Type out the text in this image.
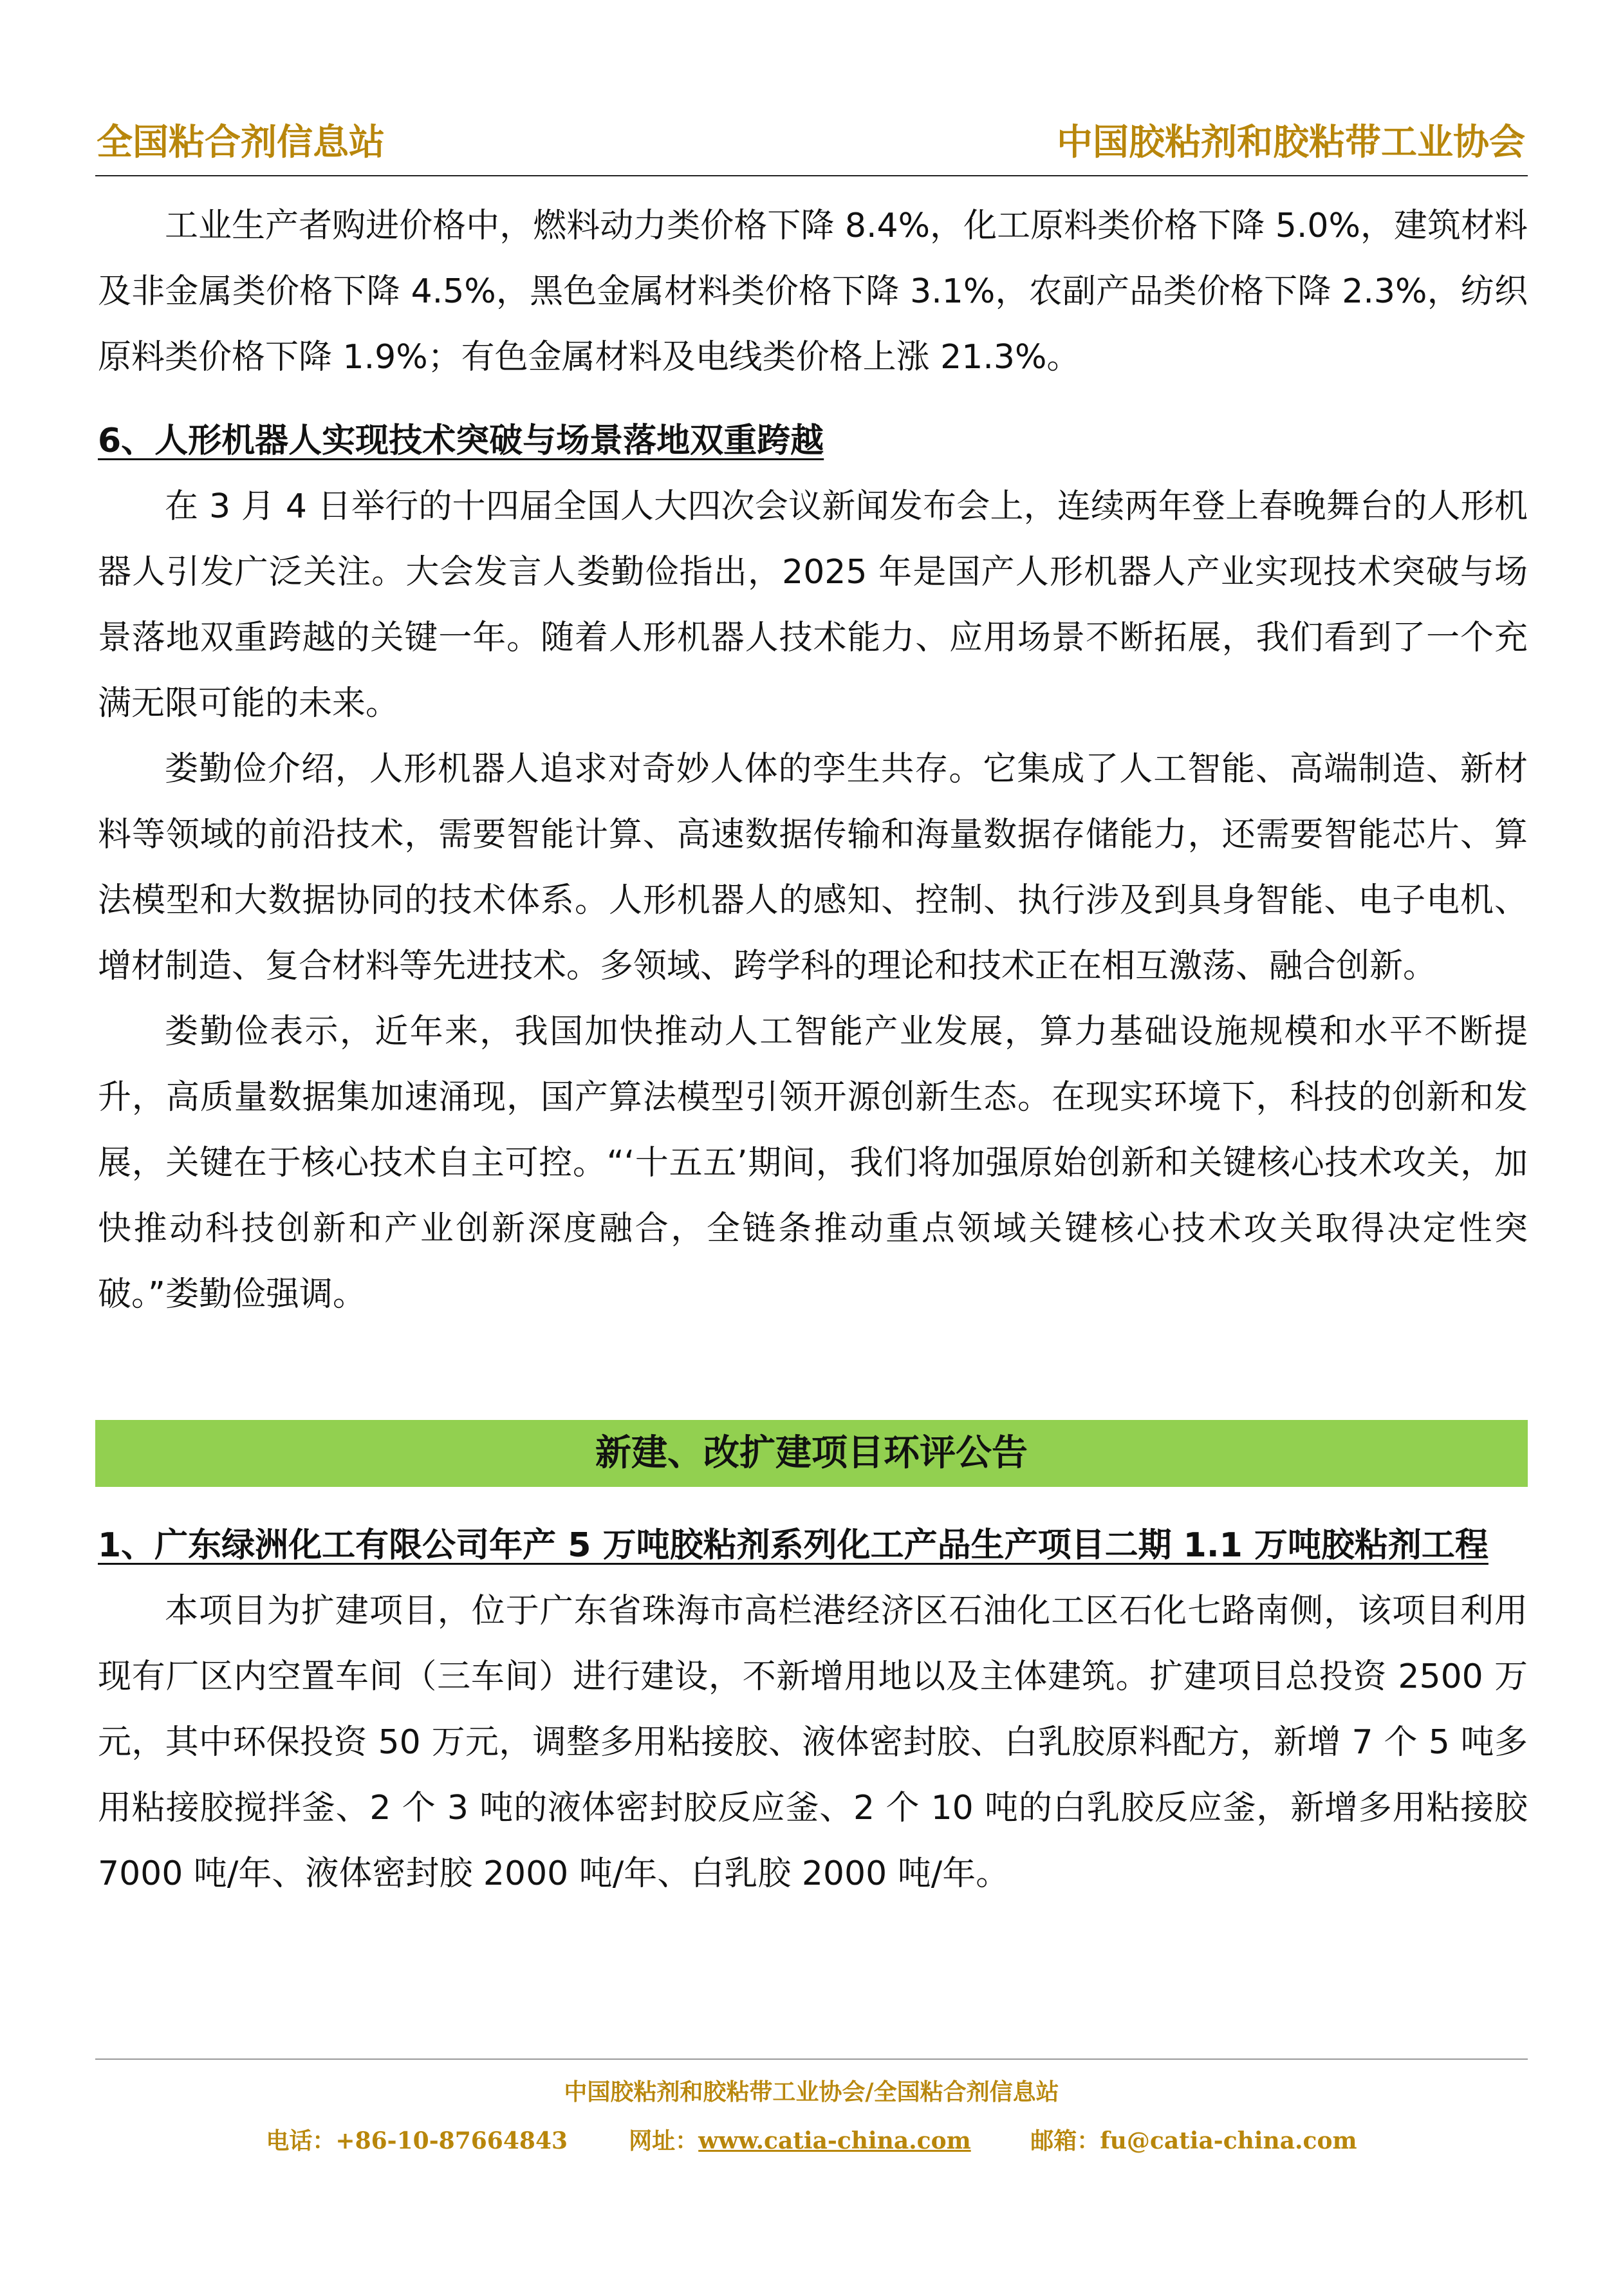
全国粘合剂信息站	中国胶粘剂和胶粘带工业协会

工业生产者购进价格中，燃料动力类价格下降 8.4%，化工原料类价格下降 5.0%，建筑材料及非金属类价格下降 4.5%，黑色金属材料类价格下降 3.1%，农副产品类价格下降 2.3%，纺织原料类价格下降 1.9%；有色金属材料及电线类价格上涨 21.3%。

6、人形机器人实现技术突破与场景落地双重跨越

在 3 月 4 日举行的十四届全国人大四次会议新闻发布会上，连续两年登上春晚舞台的人形机器人引发广泛关注。大会发言人娄勤俭指出，2025 年是国产人形机器人产业实现技术突破与场景落地双重跨越的关键一年。随着人形机器人技术能力、应用场景不断拓展，我们看到了一个充满无限可能的未来。

娄勤俭介绍，人形机器人追求对奇妙人体的孪生共存。它集成了人工智能、高端制造、新材料等领域的前沿技术，需要智能计算、高速数据传输和海量数据存储能力，还需要智能芯片、算法模型和大数据协同的技术体系。人形机器人的感知、控制、执行涉及到具身智能、电子电机、增材制造、复合材料等先进技术。多领域、跨学科的理论和技术正在相互激荡、融合创新。

娄勤俭表示，近年来，我国加快推动人工智能产业发展，算力基础设施规模和水平不断提升，高质量数据集加速涌现，国产算法模型引领开源创新生态。在现实环境下，科技的创新和发展，关键在于核心技术自主可控。“‘十五五’期间，我们将加强原始创新和关键核心技术攻关，加快推动科技创新和产业创新深度融合，全链条推动重点领域关键核心技术攻关取得决定性突破。”娄勤俭强调。

新建、改扩建项目环评公告

1、广东绿洲化工有限公司年产 5 万吨胶粘剂系列化工产品生产项目二期 1.1 万吨胶粘剂工程

本项目为扩建项目，位于广东省珠海市高栏港经济区石油化工区石化七路南侧，该项目利用现有厂区内空置车间（三车间）进行建设，不新增用地以及主体建筑。扩建项目总投资 2500 万元，其中环保投资 50 万元，调整多用粘接胶、液体密封胶、白乳胶原料配方，新增 7 个 5 吨多用粘接胶搅拌釜、2 个 3 吨的液体密封胶反应釜、2 个 10 吨的白乳胶反应釜，新增多用粘接胶 7000 吨/年、液体密封胶 2000 吨/年、白乳胶 2000 吨/年。

中国胶粘剂和胶粘带工业协会/全国粘合剂信息站
电话：+86-10-87664843	网址：www.catia-china.com	邮箱：fu@catia-china.com
